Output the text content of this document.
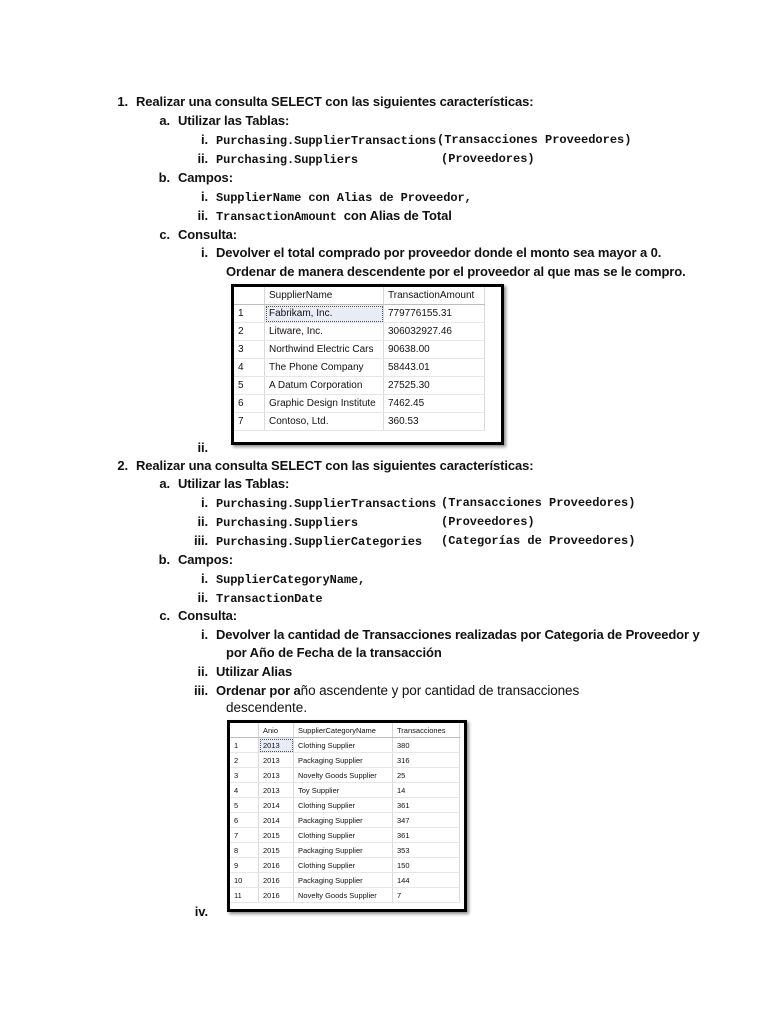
1. Realizar una consulta SELECT con las siguientes características:
a. Utilizar las Tablas:
i. Purchasing.SupplierTransactions (Transacciones Proveedores)
ii. Purchasing.Suppliers	(Proveedores)
b. Campos:
i. SupplierName con Alias de Proveedor,
ii. TransactionAmount con Alias de Total
c. Consulta:
i. Devolver el total comprado por proveedor donde el monto sea mayor a 0.
Ordenar de manera descendente por el proveedor al que mas se le compro.
	SupplierName	TransactionAmount
1	Fabrikam, Inc.	779776155.31
2	Litware, Inc.	306032927.46
3	Northwind Electric Cars	90638.00
4	The Phone Company	58443.01
5	A Datum Corporation	27525.30
6	Graphic Design Institute	7462.45
7	Contoso, Ltd.	360.53
ii.
2. Realizar una consulta SELECT con las siguientes características:
a. Utilizar las Tablas:
i. Purchasing.SupplierTransactions (Transacciones Proveedores)
ii. Purchasing.Suppliers	(Proveedores)
iii. Purchasing.SupplierCategories (Categorías de Proveedores)
b. Campos:
i. SupplierCategoryName,
ii. TransactionDate
c. Consulta:
i. Devolver la cantidad de Transacciones realizadas por Categoria de Proveedor y
por Año de Fecha de la transacción
ii. Utilizar Alias
iii. Ordenar por año ascendente y por cantidad de transacciones
descendente.
	Anio	SupplierCategoryName	Transacciones
1	2013	Clothing Supplier	380
2	2013	Packaging Supplier	316
3	2013	Novelty Goods Supplier	25
4	2013	Toy Supplier	14
5	2014	Clothing Supplier	361
6	2014	Packaging Supplier	347
7	2015	Clothing Supplier	361
8	2015	Packaging Supplier	353
9	2016	Clothing Supplier	150
10	2016	Packaging Supplier	144
11	2016	Novelty Goods Supplier	7
iv.
